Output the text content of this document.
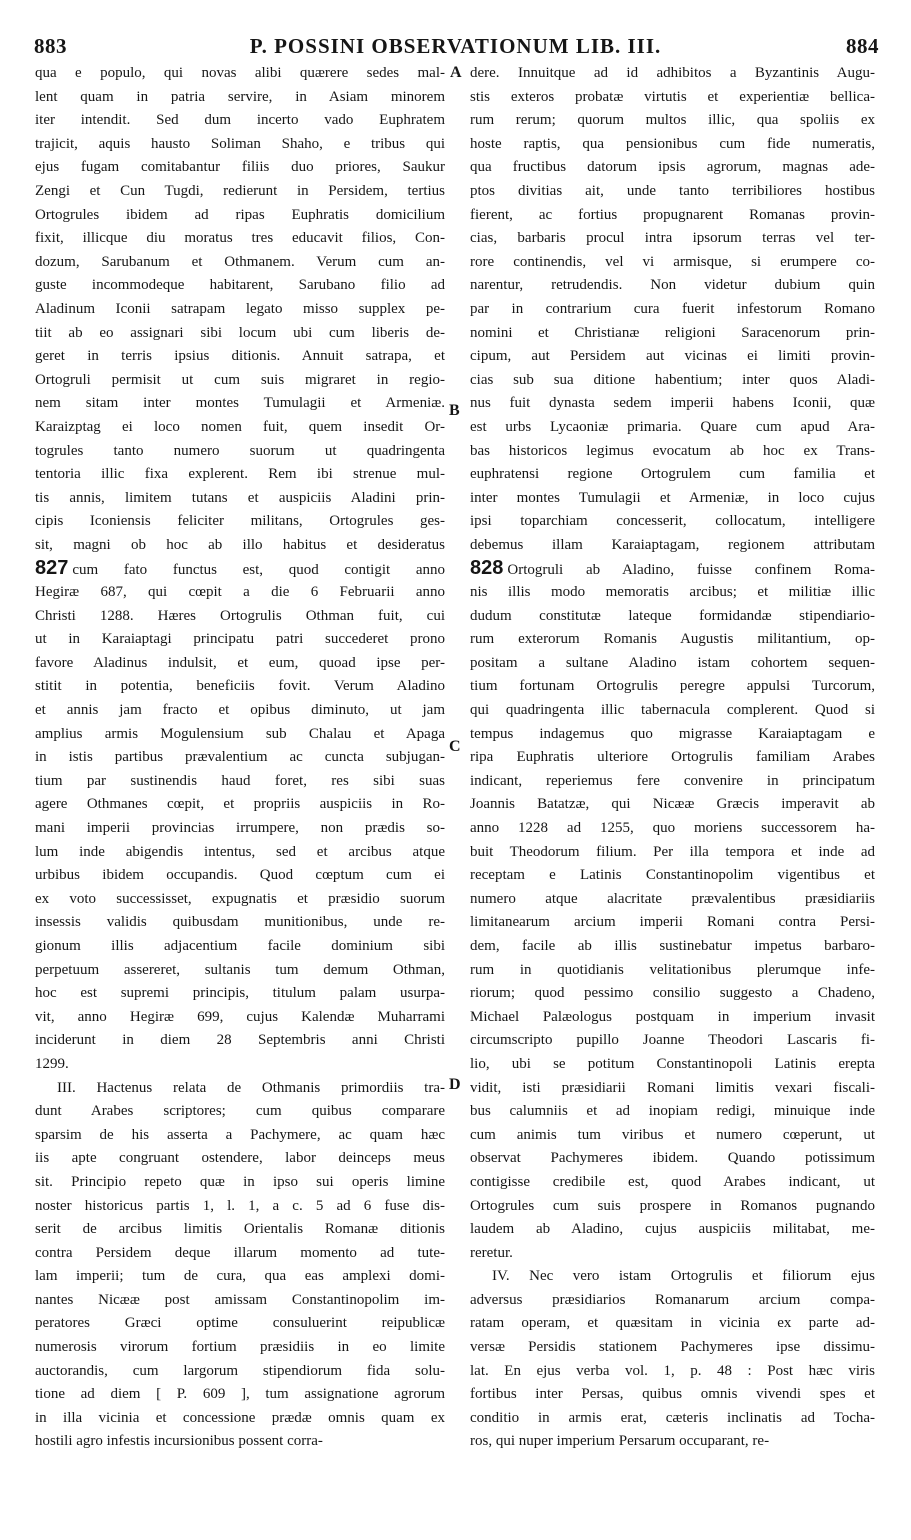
883	P. POSSINI OBSERVATIONUM LIB. III.	884
A
B
C
D
qua e populo, qui novas alibi quærere sedes mal-
lent quam in patria servire, in Asiam minorem
iter intendit. Sed dum incerto vado Euphratem
trajicit, aquis hausto Soliman Shaho, e tribus qui
ejus fugam comitabantur filiis duo priores, Saukur
Zengi et Cun Tugdi, redierunt in Persidem, tertius
Ortogrules ibidem ad ripas Euphratis domicilium
fixit, illicque diu moratus tres educavit filios, Con-
dozum, Sarubanum et Othmanem. Verum cum an-
guste incommodeque habitarent, Sarubano filio ad
Aladinum Iconii satrapam legato misso supplex pe-
tiit ab eo assignari sibi locum ubi cum liberis de-
geret in terris ipsius ditionis. Annuit satrapa, et
Ortogruli permisit ut cum suis migraret in regio-
nem sitam inter montes Tumulagii et Armeniæ.
Karaizptag ei loco nomen fuit, quem insedit Or-
togrules tanto numero suorum ut quadringenta
tentoria illic fixa explerent. Rem ibi strenue mul-
tis annis, limitem tutans et auspiciis Aladini prin-
cipis Iconiensis feliciter militans, Ortogrules ges-
sit, magni ob hoc ab illo habitus et desideratus
827 cum fato functus est, quod contigit anno
Hegiræ 687, qui cœpit a die 6 Februarii anno
Christi 1288. Hæres Ortogrulis Othman fuit, cui
ut in Karaiaptagi principatu patri succederet prono
favore Aladinus indulsit, et eum, quoad ipse per-
stitit in potentia, beneficiis fovit. Verum Aladino
et annis jam fracto et opibus diminuto, ut jam
amplius armis Mogulensium sub Chalau et Apaga
in istis partibus prævalentium ac cuncta subjugan-
tium par sustinendis haud foret, res sibi suas
agere Othmanes cœpit, et propriis auspiciis in Ro-
mani imperii provincias irrumpere, non prædis so-
lum inde abigendis intentus, sed et arcibus atque
urbibus ibidem occupandis. Quod cœptum cum ei
ex voto successisset, expugnatis et præsidio suorum
insessis validis quibusdam munitionibus, unde re-
gionum illis adjacentium facile dominium sibi
perpetuum assereret, sultanis tum demum Othman,
hoc est supremi principis, titulum palam usurpa-
vit, anno Hegiræ 699, cujus Kalendæ Muharrami
inciderunt in diem 28 Septembris anni Christi
1299.
III. Hactenus relata de Othmanis primordiis tra-
dunt Arabes scriptores; cum quibus comparare
sparsim de his asserta a Pachymere, ac quam hæc
iis apte congruant ostendere, labor deinceps meus
sit. Principio repeto quæ in ipso sui operis limine
noster historicus partis 1, l. 1, a c. 5 ad 6 fuse dis-
serit de arcibus limitis Orientalis Romanæ ditionis
contra Persidem deque illarum momento ad tute-
lam imperii; tum de cura, qua eas amplexi domi-
nantes Nicææ post amissam Constantinopolim im-
peratores Græci optime consuluerint reipublicæ
numerosis virorum fortium præsidiis in eo limite
auctorandis, cum largorum stipendiorum fida solu-
tione ad diem [ P. 609 ], tum assignatione agrorum
in illa vicinia et concessione prædæ omnis quam ex
hostili agro infestis incursionibus possent corra-
dere. Innuitque ad id adhibitos a Byzantinis Augu-
stis exteros probatæ virtutis et experientiæ bellica-
rum rerum; quorum multos illic, qua spoliis ex
hoste raptis, qua pensionibus cum fide numeratis,
qua fructibus datorum ipsis agrorum, magnas ade-
ptos divitias ait, unde tanto terribiliores hostibus
fierent, ac fortius propugnarent Romanas provin-
cias, barbaris procul intra ipsorum terras vel ter-
rore continendis, vel vi armisque, si erumpere co-
narentur, retrudendis. Non videtur dubium quin
par in contrarium cura fuerit infestorum Romano
nomini et Christianæ religioni Saracenorum prin-
cipum, aut Persidem aut vicinas ei limiti provin-
cias sub sua ditione habentium; inter quos Aladi-
nus fuit dynasta sedem imperii habens Iconii, quæ
est urbs Lycaoniæ primaria. Quare cum apud Ara-
bas historicos legimus evocatum ab hoc ex Trans-
euphratensi regione Ortogrulem cum familia et
inter montes Tumulagii et Armeniæ, in loco cujus
ipsi toparchiam concesserit, collocatum, intelligere
debemus illam Karaiaptagam, regionem attributam
828 Ortogruli ab Aladino, fuisse confinem Roma-
nis illis modo memoratis arcibus; et militiæ illic
dudum constitutæ lateque formidandæ stipendiario-
rum exterorum Romanis Augustis militantium, op-
positam a sultane Aladino istam cohortem sequen-
tium fortunam Ortogrulis peregre appulsi Turcorum,
qui quadringenta illic tabernacula complerent. Quod si
tempus indagemus quo migrasse Karaiaptagam e
ripa Euphratis ulteriore Ortogrulis familiam Arabes
indicant, reperiemus fere convenire in principatum
Joannis Batatzæ, qui Nicææ Græcis imperavit ab
anno 1228 ad 1255, quo moriens successorem ha-
buit Theodorum filium. Per illa tempora et inde ad
receptam e Latinis Constantinopolim vigentibus et
numero atque alacritate prævalentibus præsidiariis
limitanearum arcium imperii Romani contra Persi-
dem, facile ab illis sustinebatur impetus barbaro-
rum in quotidianis velitationibus plerumque infe-
riorum; quod pessimo consilio suggesto a Chadeno,
Michael Palæologus postquam in imperium invasit
circumscripto pupillo Joanne Theodori Lascaris fi-
lio, ubi se potitum Constantinopoli Latinis erepta
vidit, isti præsidiarii Romani limitis vexari fiscali-
bus calumniis et ad inopiam redigi, minuique inde
cum animis tum viribus et numero cœperunt, ut
observat Pachymeres ibidem. Quando potissimum
contigisse credibile est, quod Arabes indicant, ut
Ortogrules cum suis prospere in Romanos pugnando
laudem ab Aladino, cujus auspiciis militabat, me-
reretur.
IV. Nec vero istam Ortogrulis et filiorum ejus
adversus præsidiarios Romanarum arcium compa-
ratam operam, et quæsitam in vicinia ex parte ad-
versæ Persidis stationem Pachymeres ipse dissimu-
lat. En ejus verba vol. 1, p. 48 : Post hæc viris
fortibus inter Persas, quibus omnis vivendi spes et
conditio in armis erat, cæteris inclinatis ad Tocha-
ros, qui nuper imperium Persarum occuparant, re-
